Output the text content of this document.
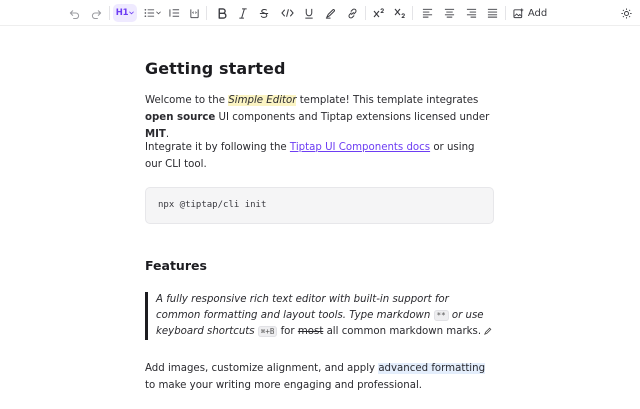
H1	Add
Getting started

Welcome to the Simple Editor template! This template integrates open source UI components and Tiptap extensions licensed under MIT.

Integrate it by following the Tiptap UI Components docs or using our CLI tool.

npx @tiptap/cli init
Features

A fully responsive rich text editor with built-in support for common formatting and layout tools. Type markdown ** or use keyboard shortcuts ⌘+B for most all common markdown marks.

Add images, customize alignment, and apply advanced formatting to make your writing more engaging and professional.
